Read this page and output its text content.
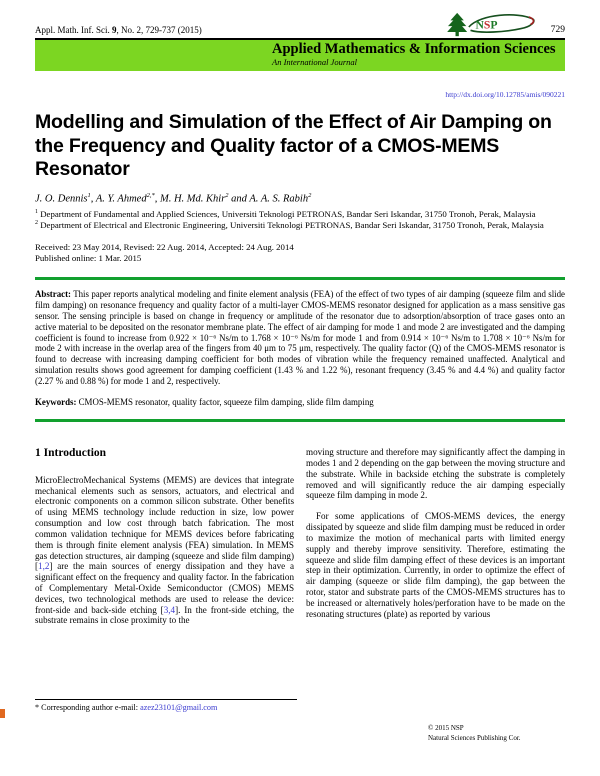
Appl. Math. Inf. Sci. 9, No. 2, 729-737 (2015)	NSP	729
Applied Mathematics & Information Sciences
An International Journal
http://dx.doi.org/10.12785/amis/090221
Modelling and Simulation of the Effect of Air Damping on the Frequency and Quality factor of a CMOS-MEMS Resonator
J. O. Dennis$^1$, A. Y. Ahmed$^{2,*}$, M. H. Md. Khir$^2$ and A. A. S. Rabih$^2$
$^1$ Department of Fundamental and Applied Sciences, Universiti Teknologi PETRONAS, Bandar Seri Iskandar, 31750 Tronoh, Perak, Malaysia
$^2$ Department of Electrical and Electronic Engineering, Universiti Teknologi PETRONAS, Bandar Seri Iskandar, 31750 Tronoh, Perak, Malaysia
Received: 23 May 2014, Revised: 22 Aug. 2014, Accepted: 24 Aug. 2014
Published online: 1 Mar. 2015

Abstract: This paper reports analytical modeling and finite element analysis (FEA) of the effect of two types of air damping (squeeze film and slide film damping) on resonance frequency and quality factor of a multi-layer CMOS-MEMS resonator designed for application as a mass sensitive gas sensor. The sensing principle is based on change in frequency or amplitude of the resonator due to adsorption/absorption of trace gases onto an active material to be deposited on the resonator membrane plate. The effect of air damping for mode 1 and mode 2 are investigated and the damping coefficient is found to increase from 0.922 × 10⁻⁶ Ns/m to 1.768 × 10⁻⁶ Ns/m for mode 1 and from 0.914 × 10⁻⁶ Ns/m to 1.708 × 10⁻⁶ Ns/m for mode 2 with increase in the overlap area of the fingers from 40 μm to 75 μm, respectively. The quality factor (Q) of the CMOS-MEMS resonator is found to decrease with increasing damping coefficient for both modes of vibration while the frequency remained unaffected. Analytical and simulation results shows good agreement for damping coefficient (1.43 % and 1.22 %), resonant frequency (3.45 % and 4.4 %) and quality factor (2.27 % and 0.88 %) for mode 1 and 2, respectively.

Keywords: CMOS-MEMS resonator, quality factor, squeeze film damping, slide film damping

1 Introduction

MicroElectroMechanical Systems (MEMS) are devices that integrate mechanical elements such as sensors, actuators, and electrical and electronic components on a common silicon substrate. Other benefits of using MEMS technology include reduction in size, low power consumption and low cost through batch fabrication. The most common validation technique for MEMS devices before fabricating them is through finite element analysis (FEA) simulation. In MEMS gas detection structures, air damping (squeeze and slide film damping) [1,2] are the main sources of energy dissipation and they have a significant effect on the frequency and quality factor. In the fabrication of Complementary Metal-Oxide Semiconductor (CMOS) MEMS devices, two technological methods are used to release the device: front-side and back-side etching [3,4]. In the front-side etching, the substrate remains in close proximity to the

moving structure and therefore may significantly affect the damping in modes 1 and 2 depending on the gap between the moving structure and the substrate. While in backside etching the substrate is completely removed and will significantly reduce the air damping especially squeeze film damping in mode 2.

For some applications of CMOS-MEMS devices, the energy dissipated by squeeze and slide film damping must be reduced in order to maximize the motion of mechanical parts with limited energy supply and thereby improve sensitivity. Therefore, estimating the squeeze and slide film damping effect of these devices is an important step in their optimization. Currently, in order to optimize the effect of air damping (squeeze or slide film damping), the gap between the rotor, stator and substrate parts of the CMOS-MEMS structures has to be increased or alternatively holes/perforation have to be made on the resonating structures (plate) as reported by various

* Corresponding author e-mail: azez23101@gmail.com
© 2015 NSP
Natural Sciences Publishing Cor.
